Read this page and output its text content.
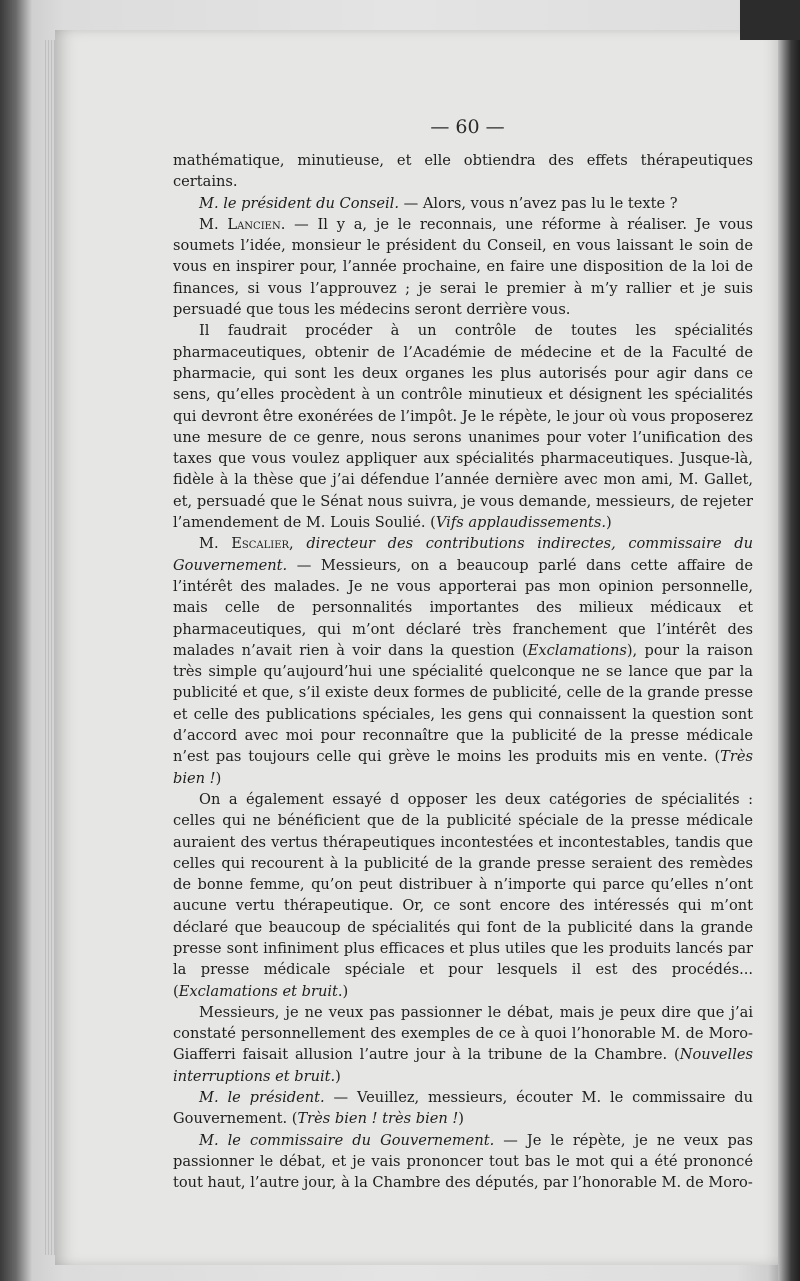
— 60 —

mathématique, minutieuse, et elle obtiendra des effets thérapeutiques certains.

M. le président du Conseil. — Alors, vous n’avez pas lu le texte ?

M. Lancien. — Il y a, je le reconnais, une réforme à réaliser. Je vous soumets l’idée, monsieur le président du Conseil, en vous laissant le soin de vous en inspirer pour, l’année prochaine, en faire une disposition de la loi de finances, si vous l’approuvez ; je serai le premier à m’y rallier et je suis persuadé que tous les médecins seront derrière vous.

Il faudrait procéder à un contrôle de toutes les spécialités pharmaceutiques, obtenir de l’Académie de médecine et de la Faculté de pharmacie, qui sont les deux organes les plus autorisés pour agir dans ce sens, qu’elles procèdent à un contrôle minutieux et désignent les spécialités qui devront être exonérées de l’impôt. Je le répète, le jour où vous proposerez une mesure de ce genre, nous serons unanimes pour voter l’unification des taxes que vous voulez appliquer aux spécialités pharmaceutiques. Jusque-là, fidèle à la thèse que j’ai défendue l’année dernière avec mon ami, M. Gallet, et, persuadé que le Sénat nous suivra, je vous demande, messieurs, de rejeter l’amendement de M. Louis Soulié. (Vifs applaudissements.)

M. Escalier, directeur des contributions indirectes, commissaire du Gouvernement. — Messieurs, on a beaucoup parlé dans cette affaire de l’intérêt des malades. Je ne vous apporterai pas mon opinion personnelle, mais celle de personnalités importantes des milieux médicaux et pharmaceutiques, qui m’ont déclaré très franchement que l’intérêt des malades n’avait rien à voir dans la question (Exclamations), pour la raison très simple qu’aujourd’hui une spécialité quelconque ne se lance que par la publicité et que, s’il existe deux formes de publicité, celle de la grande presse et celle des publications spéciales, les gens qui connaissent la question sont d’accord avec moi pour reconnaître que la publicité de la presse médicale n’est pas toujours celle qui grève le moins les produits mis en vente. (Très bien !)

On a également essayé d opposer les deux catégories de spécialités : celles qui ne bénéficient que de la publicité spéciale de la presse médicale auraient des vertus thérapeutiques incontestées et incontestables, tandis que celles qui recourent à la publicité de la grande presse seraient des remèdes de bonne femme, qu’on peut distribuer à n’importe qui parce qu’elles n’ont aucune vertu thérapeutique. Or, ce sont encore des intéressés qui m’ont déclaré que beaucoup de spécialités qui font de la publicité dans la grande presse sont infiniment plus efficaces et plus utiles que les produits lancés par la presse médicale spéciale et pour lesquels il est des procédés... (Exclamations et bruit.)

Messieurs, je ne veux pas passionner le débat, mais je peux dire que j’ai constaté personnellement des exemples de ce à quoi l’honorable M. de Moro-Giafferri faisait allusion l’autre jour à la tribune de la Chambre. (Nouvelles interruptions et bruit.)

M. le président. — Veuillez, messieurs, écouter M. le commissaire du Gouvernement. (Très bien ! très bien !)

M. le commissaire du Gouvernement. — Je le répète, je ne veux pas passionner le débat, et je vais prononcer tout bas le mot qui a été prononcé tout haut, l’autre jour, à la Chambre des députés, par l’honorable M. de Moro-
